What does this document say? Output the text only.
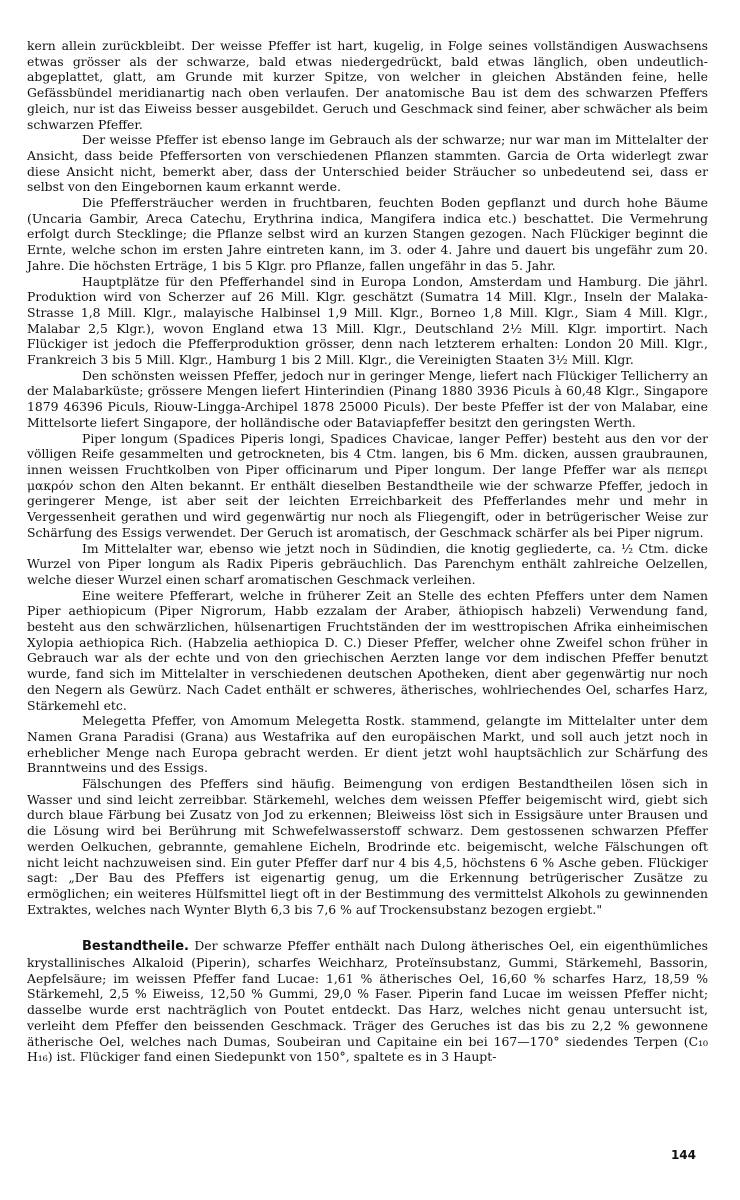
kern allein zurückbleibt. Der weisse Pfeffer ist hart, kugelig, in Folge seines vollständigen Auswachsens etwas grösser als der schwarze, bald etwas niedergedrückt, bald etwas länglich, oben undeutlich-abgeplattet, glatt, am Grunde mit kurzer Spitze, von welcher in gleichen Abständen feine, helle Gefässbündel meridianartig nach oben verlaufen. Der anatomische Bau ist dem des schwarzen Pfeffers gleich, nur ist das Eiweiss besser ausgebildet. Geruch und Geschmack sind feiner, aber schwächer als beim schwarzen Pfeffer.

Der weisse Pfeffer ist ebenso lange im Gebrauch als der schwarze; nur war man im Mittelalter der Ansicht, dass beide Pfeffersorten von verschiedenen Pflanzen stammten. Garcia de Orta widerlegt zwar diese Ansicht nicht, bemerkt aber, dass der Unterschied beider Sträucher so unbedeutend sei, dass er selbst von den Eingebornen kaum erkannt werde.

Die Pfeffersträucher werden in fruchtbaren, feuchten Boden gepflanzt und durch hohe Bäume (Uncaria Gambir, Areca Catechu, Erythrina indica, Mangifera indica etc.) beschattet. Die Vermehrung erfolgt durch Stecklinge; die Pflanze selbst wird an kurzen Stangen gezogen. Nach Flückiger beginnt die Ernte, welche schon im ersten Jahre eintreten kann, im 3. oder 4. Jahre und dauert bis ungefähr zum 20. Jahre. Die höchsten Erträge, 1 bis 5 Klgr. pro Pflanze, fallen ungefähr in das 5. Jahr.

Hauptplätze für den Pfefferhandel sind in Europa London, Amsterdam und Hamburg. Die jährl. Produktion wird von Scherzer auf 26 Mill. Klgr. geschätzt (Sumatra 14 Mill. Klgr., Inseln der Malaka-Strasse 1,8 Mill. Klgr., malayische Halbinsel 1,9 Mill. Klgr., Borneo 1,8 Mill. Klgr., Siam 4 Mill. Klgr., Malabar 2,5 Klgr.), wovon England etwa 13 Mill. Klgr., Deutschland 2½ Mill. Klgr. importirt. Nach Flückiger ist jedoch die Pfefferproduktion grösser, denn nach letzterem erhalten: London 20 Mill. Klgr., Frankreich 3 bis 5 Mill. Klgr., Hamburg 1 bis 2 Mill. Klgr., die Vereinigten Staaten 3½ Mill. Klgr.

Den schönsten weissen Pfeffer, jedoch nur in geringer Menge, liefert nach Flückiger Tellicherry an der Malabarküste; grössere Mengen liefert Hinterindien (Pinang 1880 3936 Piculs à 60,48 Klgr., Singapore 1879 46396 Piculs, Riouw-Lingga-Archipel 1878 25000 Piculs). Der beste Pfeffer ist der von Malabar, eine Mittelsorte liefert Singapore, der holländische oder Bataviapfeffer besitzt den geringsten Werth.

Piper longum (Spadices Piperis longi, Spadices Chavicae, langer Peffer) besteht aus den vor der völligen Reife gesammelten und getrockneten, bis 4 Ctm. langen, bis 6 Mm. dicken, aussen graubraunen, innen weissen Fruchtkolben von Piper officinarum und Piper longum. Der lange Pfeffer war als πεπερι μακρόν schon den Alten bekannt. Er enthält dieselben Bestandtheile wie der schwarze Pfeffer, jedoch in geringerer Menge, ist aber seit der leichten Erreichbarkeit des Pfefferlandes mehr und mehr in Vergessenheit gerathen und wird gegenwärtig nur noch als Fliegengift, oder in betrügerischer Weise zur Schärfung des Essigs verwendet. Der Geruch ist aromatisch, der Geschmack schärfer als bei Piper nigrum.

Im Mittelalter war, ebenso wie jetzt noch in Südindien, die knotig gegliederte, ca. ½ Ctm. dicke Wurzel von Piper longum als Radix Piperis gebräuchlich. Das Parenchym enthält zahlreiche Oelzellen, welche dieser Wurzel einen scharf aromatischen Geschmack verleihen.

Eine weitere Pfefferart, welche in früherer Zeit an Stelle des echten Pfeffers unter dem Namen Piper aethiopicum (Piper Nigrorum, Habb ezzalam der Araber, äthiopisch habzeli) Verwendung fand, besteht aus den schwärzlichen, hülsenartigen Fruchtständen der im westtropischen Afrika einheimischen Xylopia aethiopica Rich. (Habzelia aethiopica D. C.) Dieser Pfeffer, welcher ohne Zweifel schon früher in Gebrauch war als der echte und von den griechischen Aerzten lange vor dem indischen Pfeffer benutzt wurde, fand sich im Mittelalter in verschiedenen deutschen Apotheken, dient aber gegenwärtig nur noch den Negern als Gewürz. Nach Cadet enthält er schweres, ätherisches, wohlriechendes Oel, scharfes Harz, Stärkemehl etc.

Melegetta Pfeffer, von Amomum Melegetta Rostk. stammend, gelangte im Mittelalter unter dem Namen Grana Paradisi (Grana) aus Westafrika auf den europäischen Markt, und soll auch jetzt noch in erheblicher Menge nach Europa gebracht werden. Er dient jetzt wohl hauptsächlich zur Schärfung des Branntweins und des Essigs.

Fälschungen des Pfeffers sind häufig. Beimengung von erdigen Bestandtheilen lösen sich in Wasser und sind leicht zerreibbar. Stärkemehl, welches dem weissen Pfeffer beigemischt wird, giebt sich durch blaue Färbung bei Zusatz von Jod zu erkennen; Bleiweiss löst sich in Essigsäure unter Brausen und die Lösung wird bei Berührung mit Schwefelwasserstoff schwarz. Dem gestossenen schwarzen Pfeffer werden Oelkuchen, gebrannte, gemahlene Eicheln, Brodrinde etc. beigemischt, welche Fälschungen oft nicht leicht nachzuweisen sind. Ein guter Pfeffer darf nur 4 bis 4,5, höchstens 6 % Asche geben. Flückiger sagt: „Der Bau des Pfeffers ist eigenartig genug, um die Erkennung betrügerischer Zusätze zu ermöglichen; ein weiteres Hülfsmittel liegt oft in der Bestimmung des vermittelst Alkohols zu gewinnenden Extraktes, welches nach Wynter Blyth 6,3 bis 7,6 % auf Trockensubstanz bezogen ergiebt."

Bestandtheile. Der schwarze Pfeffer enthält nach Dulong ätherisches Oel, ein eigenthümliches krystallinisches Alkaloid (Piperin), scharfes Weichharz, Proteïnsubstanz, Gummi, Stärkemehl, Bassorin, Aepfelsäure; im weissen Pfeffer fand Lucae: 1,61 % ätherisches Oel, 16,60 % scharfes Harz, 18,59 % Stärkemehl, 2,5 % Eiweiss, 12,50 % Gummi, 29,0 % Faser. Piperin fand Lucae im weissen Pfeffer nicht; dasselbe wurde erst nachträglich von Poutet entdeckt. Das Harz, welches nicht genau untersucht ist, verleiht dem Pfeffer den beissenden Geschmack. Träger des Geruches ist das bis zu 2,2 % gewonnene ätherische Oel, welches nach Dumas, Soubeiran und Capitaine ein bei 167—170° siedendes Terpen (C₁₀ H₁₆) ist. Flückiger fand einen Siedepunkt von 150°, spaltete es in 3 Haupt-

144
